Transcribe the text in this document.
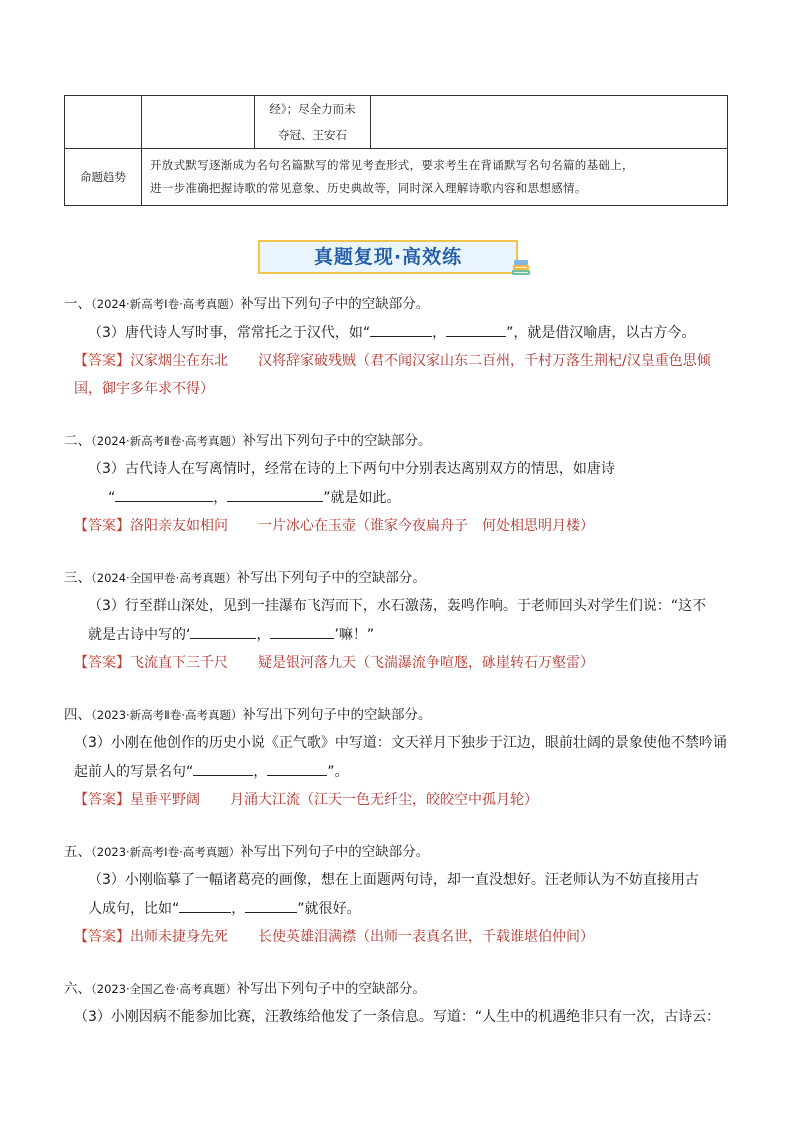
		经》；尽全力而未
夺冠、王安石	

命题趋势	开放式默写逐渐成为名句名篇默写的常见考查形式，要求考生在背诵默写名句名篇的基础上，
进一步准确把握诗歌的常见意象、历史典故等，同时深入理解诗歌内容和思想感情。		
真题复现·高效练
一、（2024·新高考Ⅰ卷·高考真题）补写出下列句子中的空缺部分。

（3）唐代诗人写时事，常常托之于汉代，如“	，	”，就是借汉喻唐，以古方今。

【答案】汉家烟尘在东北 汉将辞家破残贼（君不闻汉家山东二百州，千村万落生荆杞/汉皇重色思倾

国，御宇多年求不得）

二、（2024·新高考Ⅱ卷·高考真题）补写出下列句子中的空缺部分。

（3）古代诗人在写离情时，经常在诗的上下两句中分别表达离别双方的情思，如唐诗

“	，	”就是如此。

【答案】洛阳亲友如相问 一片冰心在玉壶（谁家今夜扁舟子　何处相思明月楼）

三、（2024·全国甲卷·高考真题）补写出下列句子中的空缺部分。

（3）行至群山深处，见到一挂瀑布飞泻而下，水石激荡，轰鸣作响。于老师回头对学生们说：“这不

就是古诗中写的‘	，	’嘛！”

【答案】飞流直下三千尺 疑是银河落九天（飞湍瀑流争喧豗，砯崖转石万壑雷）

四、（2023·新高考Ⅱ卷·高考真题）补写出下列句子中的空缺部分。

（3）小刚在他创作的历史小说《正气歌》中写道：文天祥月下独步于江边，眼前壮阔的景象使他不禁吟诵

起前人的写景名句“	，	”。

【答案】星垂平野阔 月涌大江流（江天一色无纤尘，皎皎空中孤月轮）

五、（2023·新高考Ⅰ卷·高考真题）补写出下列句子中的空缺部分。

（3）小刚临摹了一幅诸葛亮的画像，想在上面题两句诗，却一直没想好。汪老师认为不妨直接用古

人成句，比如“	，	”就很好。

【答案】出师未捷身先死 长使英雄泪满襟（出师一表真名世，千载谁堪伯仲间）

六、（2023·全国乙卷·高考真题）补写出下列句子中的空缺部分。

（3）小刚因病不能参加比赛，汪教练给他发了一条信息。写道：“人生中的机遇绝非只有一次，古诗云：
